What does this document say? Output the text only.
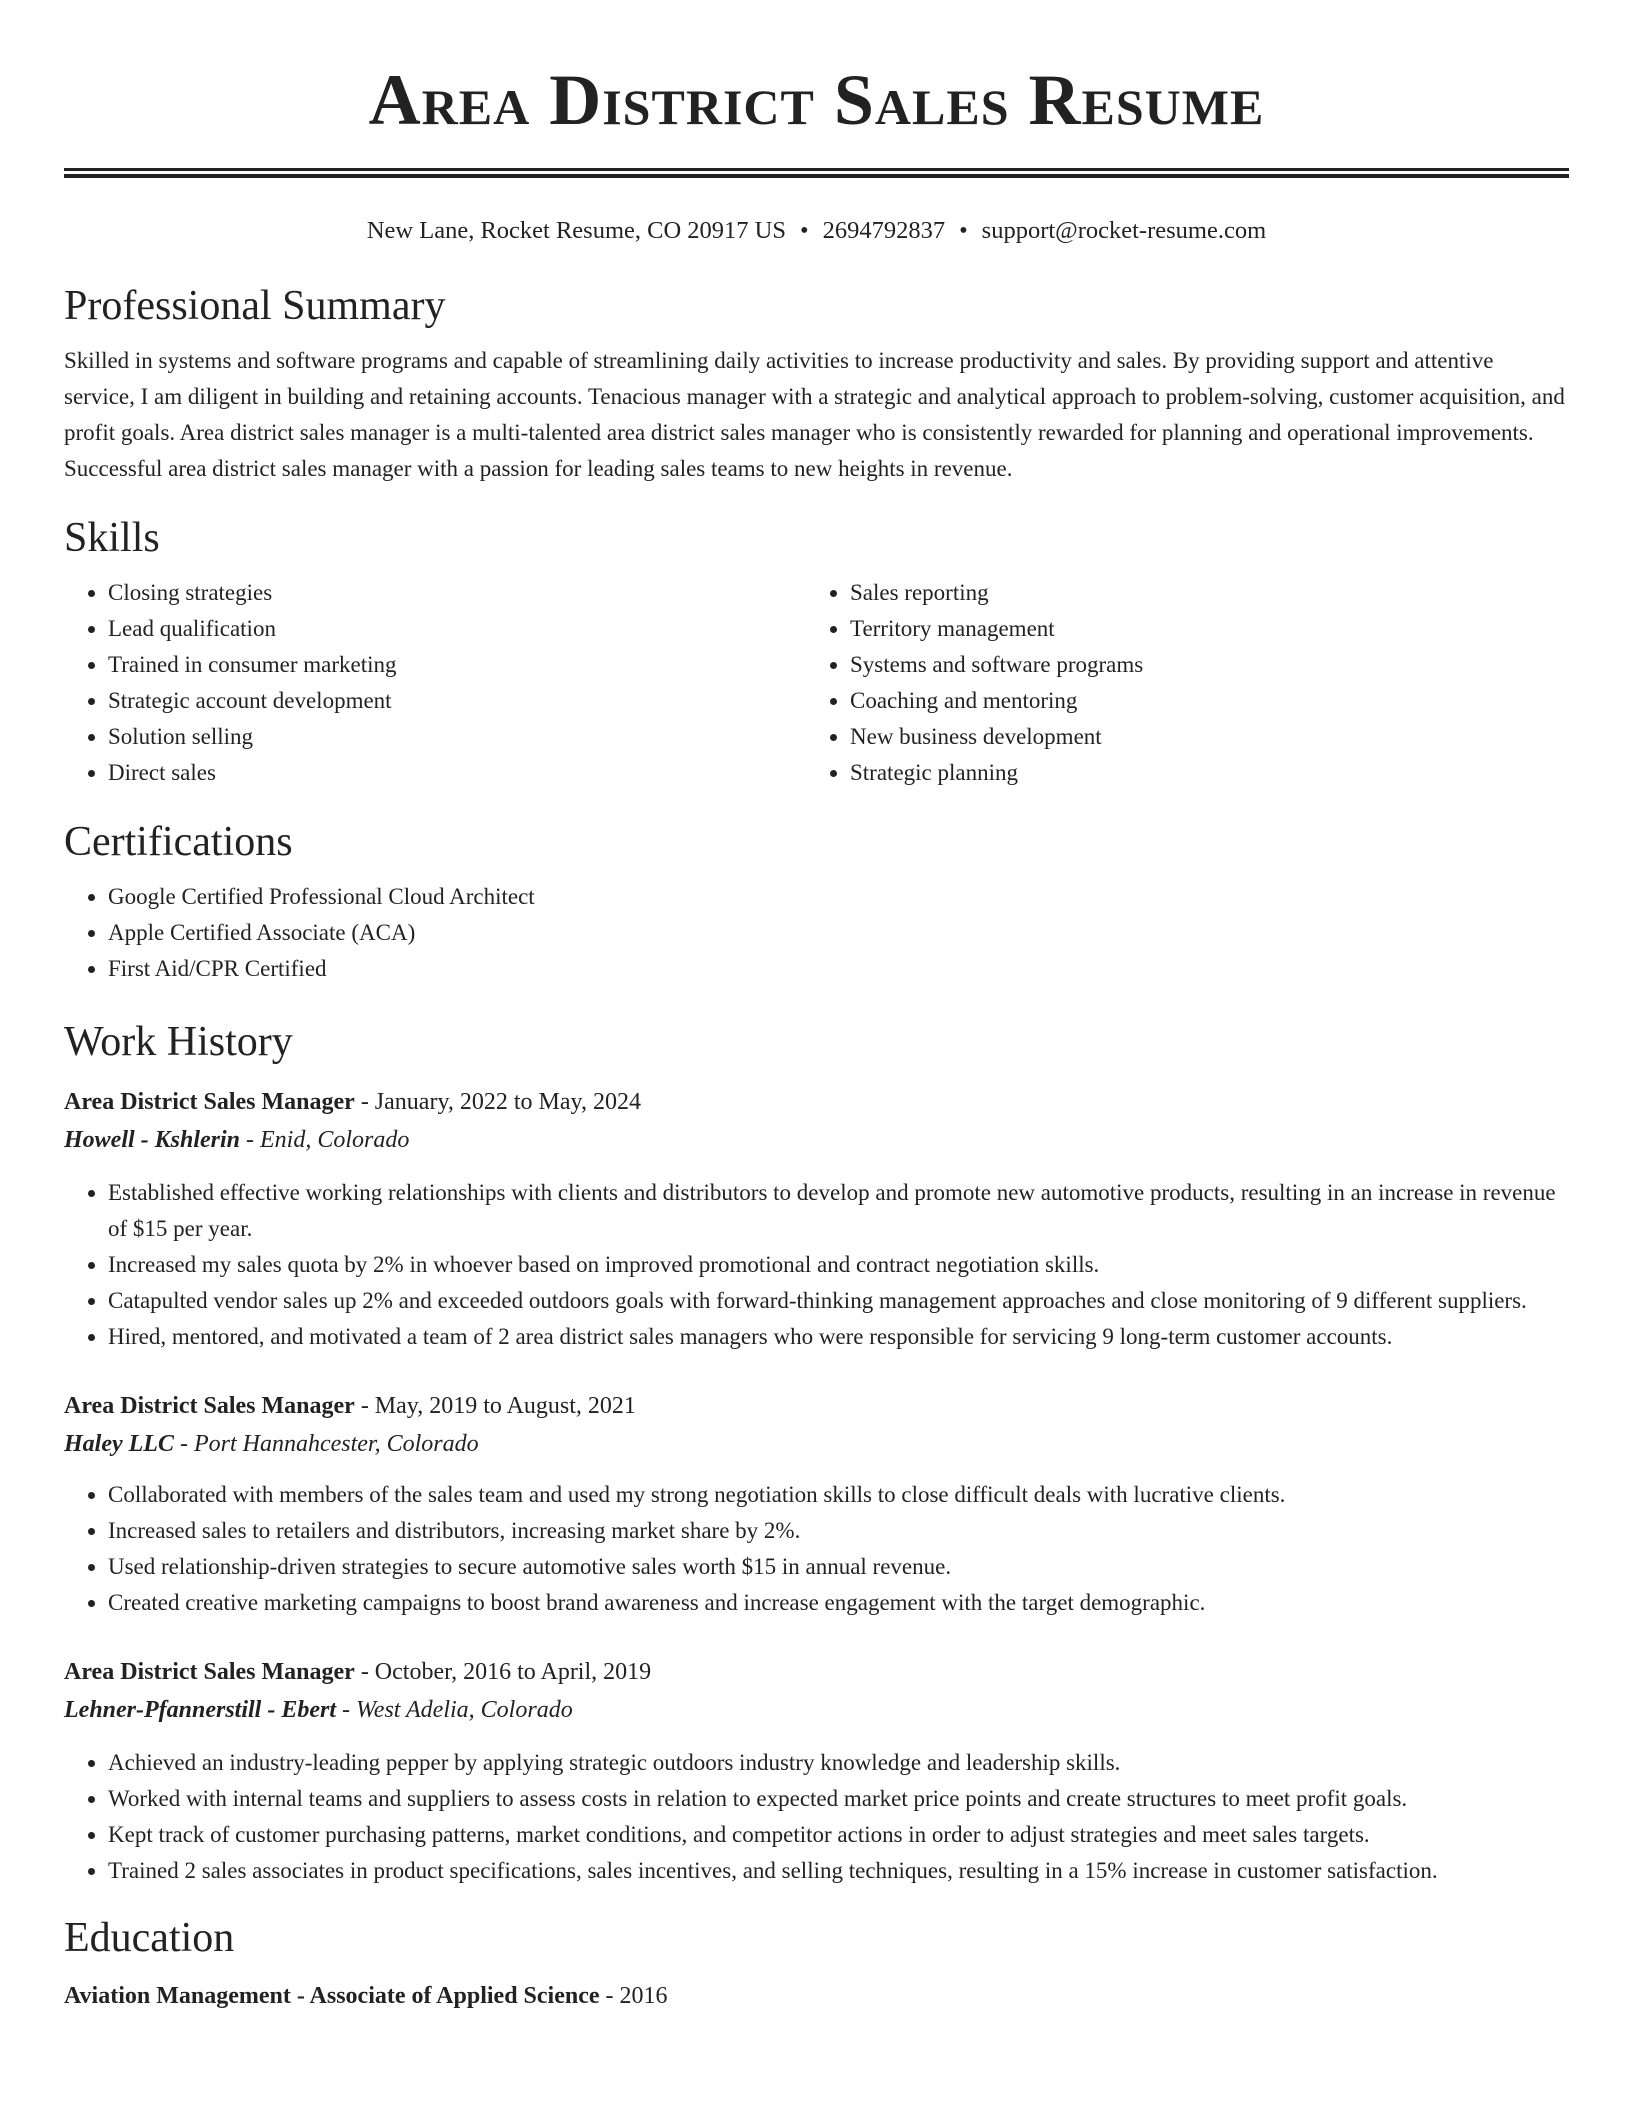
Area District Sales Resume
New Lane, Rocket Resume, CO 20917 US • 2694792837 • support@rocket-resume.com
Professional Summary

Skilled in systems and software programs and capable of streamlining daily activities to increase productivity and sales. By providing support and attentive service, I am diligent in building and retaining accounts. Tenacious manager with a strategic and analytical approach to problem-solving, customer acquisition, and profit goals. Area district sales manager is a multi-talented area district sales manager who is consistently rewarded for planning and operational improvements. Successful area district sales manager with a passion for leading sales teams to new heights in revenue.

Skills
• Closing strategies
• Lead qualification
• Trained in consumer marketing
• Strategic account development
• Solution selling
• Direct sales
• Sales reporting
• Territory management
• Systems and software programs
• Coaching and mentoring
• New business development
• Strategic planning
Certifications
• Google Certified Professional Cloud Architect
• Apple Certified Associate (ACA)
• First Aid/CPR Certified
Work History
Area District Sales Manager - January, 2022 to May, 2024
Howell - Kshlerin - Enid, Colorado
• Established effective working relationships with clients and distributors to develop and promote new automotive products, resulting in an increase in revenue of $15 per year.
• Increased my sales quota by 2% in whoever based on improved promotional and contract negotiation skills.
• Catapulted vendor sales up 2% and exceeded outdoors goals with forward-thinking management approaches and close monitoring of 9 different suppliers.
• Hired, mentored, and motivated a team of 2 area district sales managers who were responsible for servicing 9 long-term customer accounts.
Area District Sales Manager - May, 2019 to August, 2021
Haley LLC - Port Hannahcester, Colorado
• Collaborated with members of the sales team and used my strong negotiation skills to close difficult deals with lucrative clients.
• Increased sales to retailers and distributors, increasing market share by 2%.
• Used relationship-driven strategies to secure automotive sales worth $15 in annual revenue.
• Created creative marketing campaigns to boost brand awareness and increase engagement with the target demographic.
Area District Sales Manager - October, 2016 to April, 2019
Lehner-Pfannerstill - Ebert - West Adelia, Colorado
• Achieved an industry-leading pepper by applying strategic outdoors industry knowledge and leadership skills.
• Worked with internal teams and suppliers to assess costs in relation to expected market price points and create structures to meet profit goals.
• Kept track of customer purchasing patterns, market conditions, and competitor actions in order to adjust strategies and meet sales targets.
• Trained 2 sales associates in product specifications, sales incentives, and selling techniques, resulting in a 15% increase in customer satisfaction.
Education
Aviation Management - Associate of Applied Science - 2016
